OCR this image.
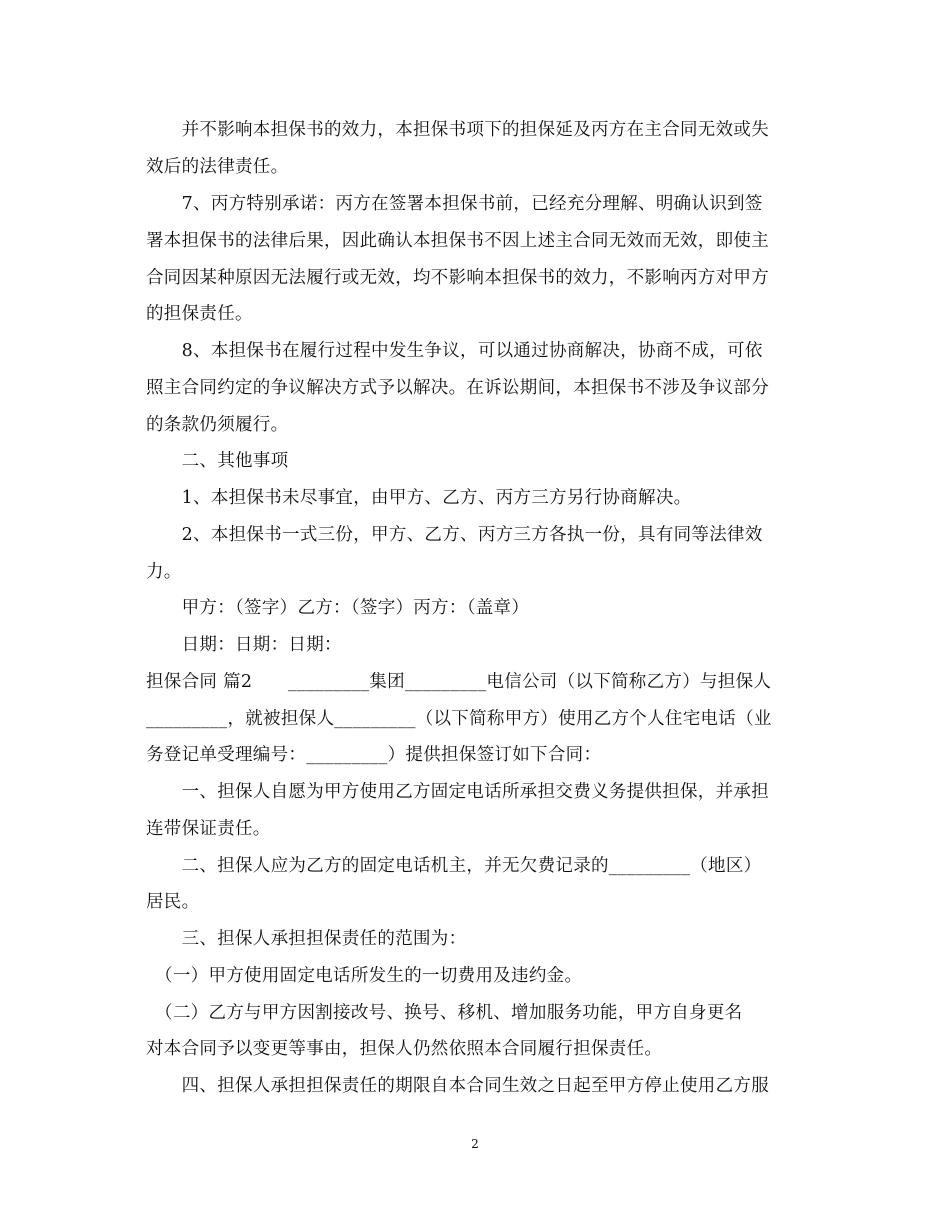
　　并不影响本担保书的效力，本担保书项下的担保延及丙方在主合同无效或失
效后的法律责任。
　　7、丙方特别承诺：丙方在签署本担保书前，已经充分理解、明确认识到签
署本担保书的法律后果，因此确认本担保书不因上述主合同无效而无效，即使主
合同因某种原因无法履行或无效，均不影响本担保书的效力，不影响丙方对甲方
的担保责任。
　　8、本担保书在履行过程中发生争议，可以通过协商解决，协商不成，可依
照主合同约定的争议解决方式予以解决。在诉讼期间，本担保书不涉及争议部分
的条款仍须履行。
　　二、其他事项
　　1、本担保书未尽事宜，由甲方、乙方、丙方三方另行协商解决。
　　2、本担保书一式三份，甲方、乙方、丙方三方各执一份，具有同等法律效
力。
　　甲方：（签字）乙方：（签字）丙方：（盖章）
　　日期：日期：日期：
担保合同 篇2　　_________集团_________电信公司（以下简称乙方）与担保人
_________，就被担保人_________（以下简称甲方）使用乙方个人住宅电话（业
务登记单受理编号：_________）提供担保签订如下合同：
　　一、担保人自愿为甲方使用乙方固定电话所承担交费义务提供担保，并承担
连带保证责任。
　　二、担保人应为乙方的固定电话机主，并无欠费记录的_________（地区）
居民。
　　三、担保人承担担保责任的范围为：
　（一）甲方使用固定电话所发生的一切费用及违约金。
　（二）乙方与甲方因割接改号、换号、移机、增加服务功能，甲方自身更名
对本合同予以变更等事由，担保人仍然依照本合同履行担保责任。
　　四、担保人承担担保责任的期限自本合同生效之日起至甲方停止使用乙方服
2
